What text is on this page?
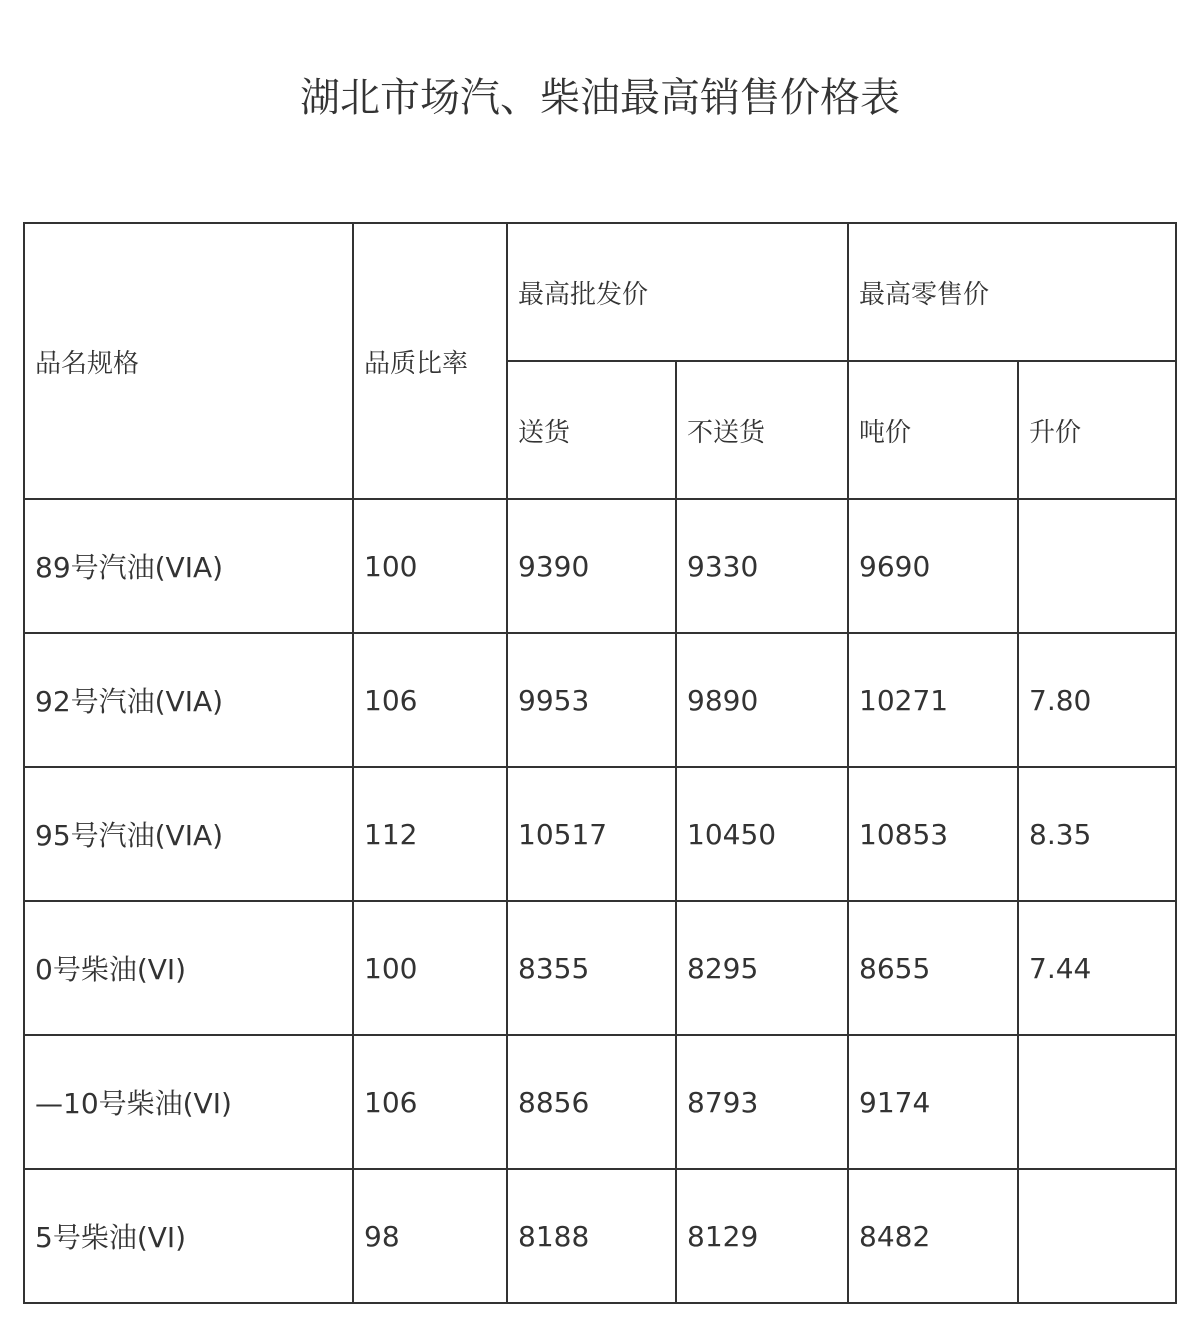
湖北市场汽、柴油最高销售价格表
品名规格	品质比率	最高批发价		最高零售价	
		送货	不送货	吨价	升价
89号汽油(VIA)	100	9390	9330	9690	
92号汽油(VIA)	106	9953	9890	10271	7.80
95号汽油(VIA)	112	10517	10450	10853	8.35
0号柴油(VI)	100	8355	8295	8655	7.44
—10号柴油(VI)	106	8856	8793	9174	
5号柴油(VI)	98	8188	8129	8482	
